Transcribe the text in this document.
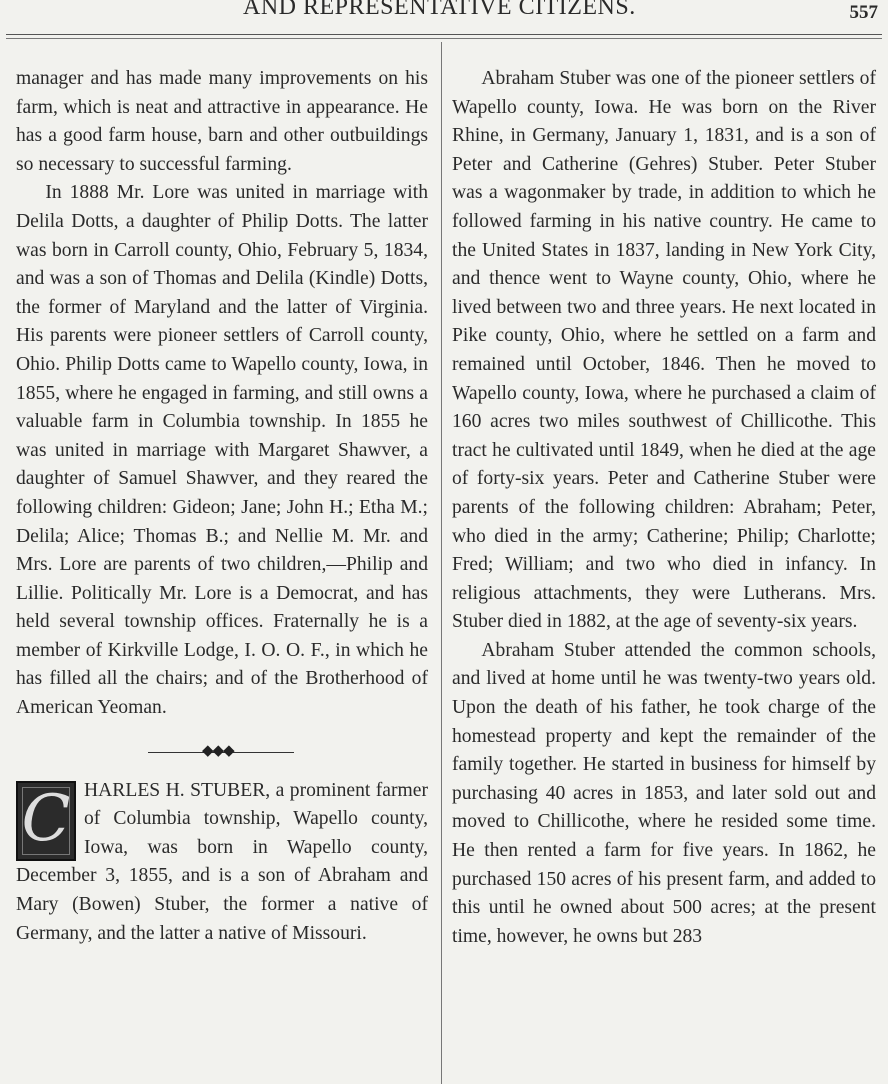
AND REPRESENTATIVE CITIZENS.	557

manager and has made many improvements on his farm, which is neat and attractive in appearance. He has a good farm house, barn and other outbuildings so necessary to successful farming.

In 1888 Mr. Lore was united in marriage with Delila Dotts, a daughter of Philip Dotts. The latter was born in Carroll county, Ohio, February 5, 1834, and was a son of Thomas and Delila (Kindle) Dotts, the former of Maryland and the latter of Virginia. His parents were pioneer settlers of Carroll county, Ohio. Philip Dotts came to Wapello county, Iowa, in 1855, where he engaged in farming, and still owns a valuable farm in Columbia township. In 1855 he was united in marriage with Margaret Shawver, a daughter of Samuel Shawver, and they reared the following children: Gideon; Jane; John H.; Etha M.; Delila; Alice; Thomas B.; and Nellie M. Mr. and Mrs. Lore are parents of two children,—Philip and Lillie. Politically Mr. Lore is a Democrat, and has held several township offices. Fraternally he is a member of Kirkville Lodge, I. O. O. F., in which he has filled all the chairs; and of the Brotherhood of American Yeoman.

◆◆◆
C HARLES H. STUBER, a prominent farmer of Columbia township, Wapello county, Iowa, was born in Wapello county, December 3, 1855, and is a son of Abraham and Mary (Bowen) Stuber, the former a native of Germany, and the latter a native of Missouri.

Abraham Stuber was one of the pioneer settlers of Wapello county, Iowa. He was born on the River Rhine, in Germany, January 1, 1831, and is a son of Peter and Catherine (Gehres) Stuber. Peter Stuber was a wagonmaker by trade, in addition to which he followed farming in his native country. He came to the United States in 1837, landing in New York City, and thence went to Wayne county, Ohio, where he lived between two and three years. He next located in Pike county, Ohio, where he settled on a farm and remained until October, 1846. Then he moved to Wapello county, Iowa, where he purchased a claim of 160 acres two miles southwest of Chillicothe. This tract he cultivated until 1849, when he died at the age of forty-six years. Peter and Catherine Stuber were parents of the following children: Abraham; Peter, who died in the army; Catherine; Philip; Charlotte; Fred; William; and two who died in infancy. In religious attachments, they were Lutherans. Mrs. Stuber died in 1882, at the age of seventy-six years.

Abraham Stuber attended the common schools, and lived at home until he was twenty-two years old. Upon the death of his father, he took charge of the homestead property and kept the remainder of the family together. He started in business for himself by purchasing 40 acres in 1853, and later sold out and moved to Chillicothe, where he resided some time. He then rented a farm for five years. In 1862, he purchased 150 acres of his present farm, and added to this until he owned about 500 acres; at the present time, however, he owns but 283
